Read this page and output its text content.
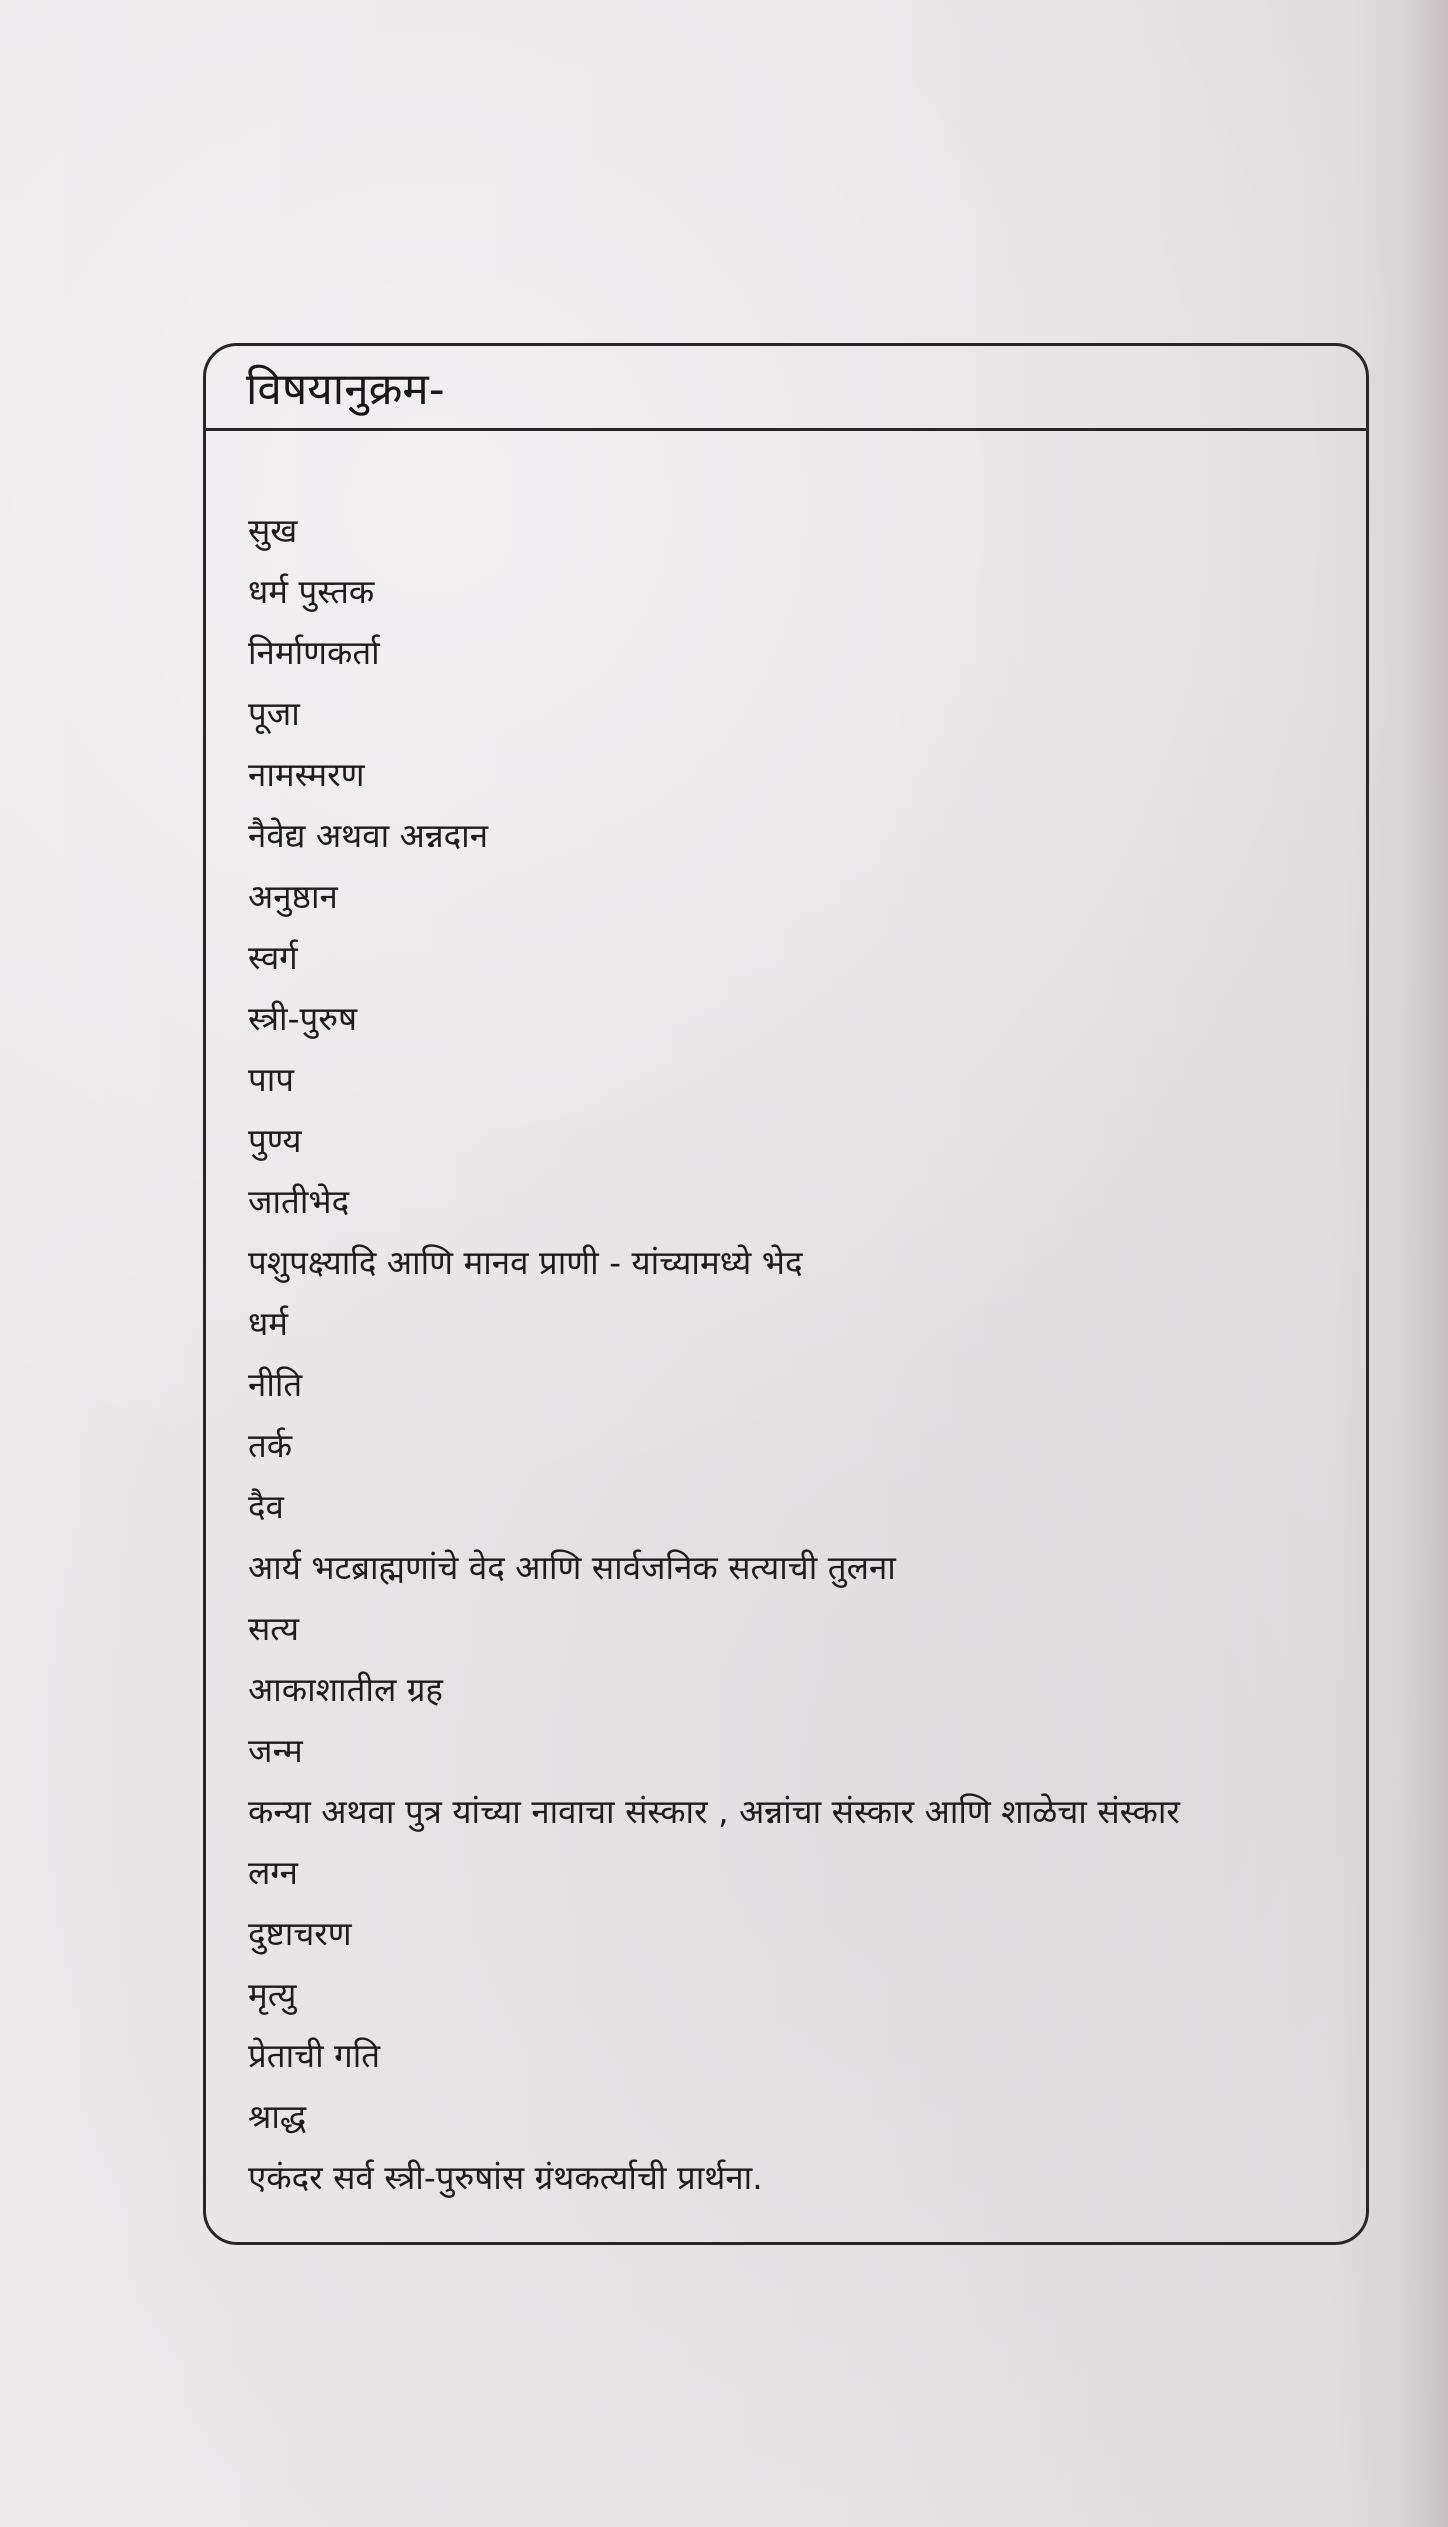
विषयानुक्रम-
सुख
धर्म पुस्तक
निर्माणकर्ता
पूजा
नामस्मरण
नैवेद्य अथवा अन्नदान
अनुष्ठान
स्वर्ग
स्त्री-पुरुष
पाप
पुण्य
जातीभेद
पशुपक्ष्यादि आणि मानव प्राणी - यांच्यामध्ये भेद
धर्म
नीति
तर्क
दैव
आर्य भटब्राह्मणांचे वेद आणि सार्वजनिक सत्याची तुलना
सत्य
आकाशातील ग्रह
जन्म
कन्या अथवा पुत्र यांच्या नावाचा संस्कार , अन्नांचा संस्कार आणि शाळेचा संस्कार
लग्न
दुष्टाचरण
मृत्यु
प्रेताची गति
श्राद्ध
एकंदर सर्व स्त्री-पुरुषांस ग्रंथकर्त्याची प्रार्थना.
